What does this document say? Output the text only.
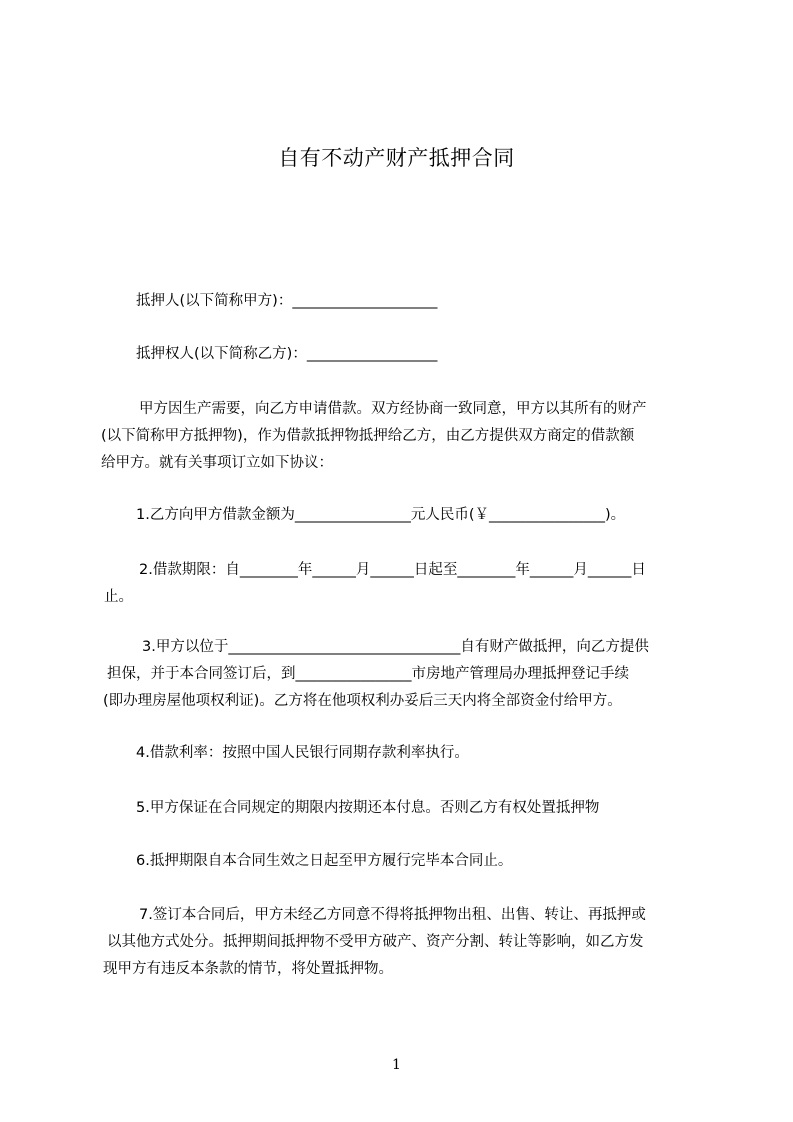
自有不动产财产抵押合同
抵押人(以下简称甲方)：____________________
抵押权人(以下简称乙方)：__________________
甲方因生产需要，向乙方申请借款。双方经协商一致同意，甲方以其所有的财产
(以下简称甲方抵押物)，作为借款抵押物抵押给乙方，由乙方提供双方商定的借款额
给甲方。就有关事项订立如下协议：
1.乙方向甲方借款金额为________________元人民币(￥________________)。
2.借款期限：自________年______月______日起至________年______月______日
止。
3.甲方以位于________________________________自有财产做抵押，向乙方提供
担保，并于本合同签订后，到________________市房地产管理局办理抵押登记手续
(即办理房屋他项权利证)。乙方将在他项权利办妥后三天内将全部资金付给甲方。
4.借款利率：按照中国人民银行同期存款利率执行。
5.甲方保证在合同规定的期限内按期还本付息。否则乙方有权处置抵押物
6.抵押期限自本合同生效之日起至甲方履行完毕本合同止。
7.签订本合同后，甲方未经乙方同意不得将抵押物出租、出售、转让、再抵押或
以其他方式处分。抵押期间抵押物不受甲方破产、资产分割、转让等影响，如乙方发
现甲方有违反本条款的情节，将处置抵押物。
1
